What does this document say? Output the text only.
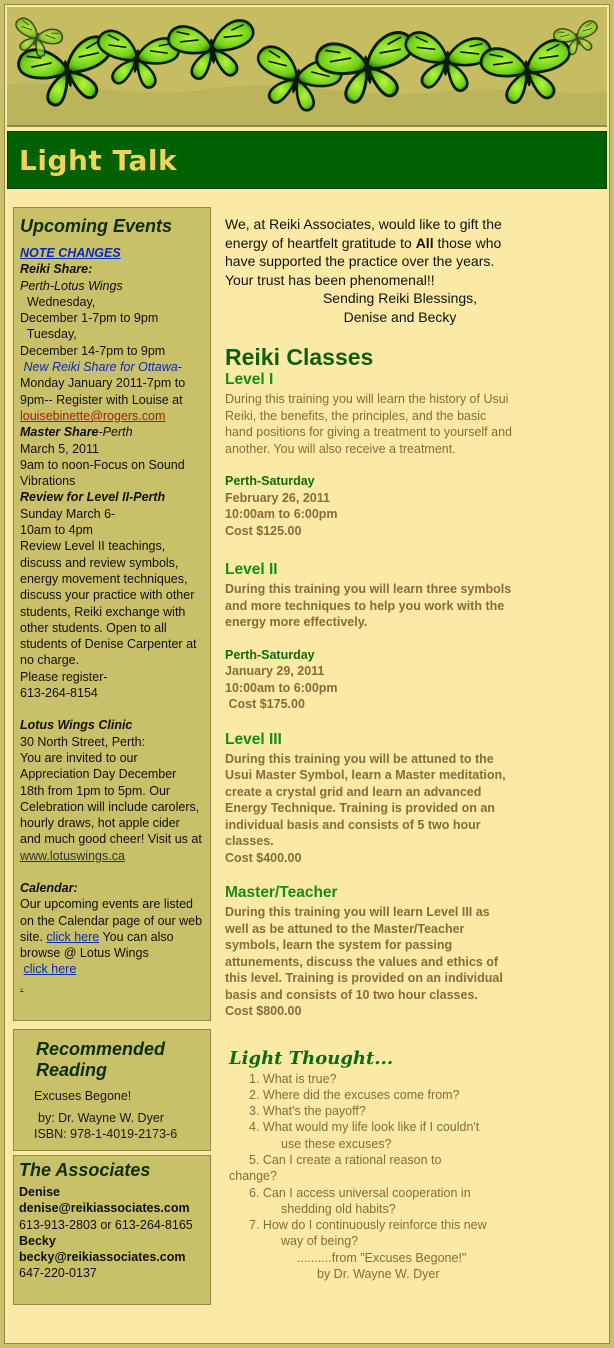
Light Talk
Upcoming Events
NOTE CHANGES
Reiki Share:
Perth-Lotus Wings
Wednesday,
December 1-7pm to 9pm
Tuesday,
December 14-7pm to 9pm
New Reiki Share for Ottawa-
Monday January 2011-7pm to 9pm-- Register with Louise at
louisebinette@rogers.com
Master Share-Perth
March 5, 2011
9am to noon-Focus on Sound Vibrations
Review for Level II-Perth
Sunday March 6-
10am to 4pm
Review Level II teachings, discuss and review symbols, energy movement techniques, discuss your practice with other students, Reiki exchange with other students. Open to all students of Denise Carpenter at no charge.
Please register-
613-264-8154
Lotus Wings Clinic
30 North Street, Perth:
You are invited to our Appreciation Day December 18th from 1pm to 5pm. Our Celebration will include carolers, hourly draws, hot apple cider and much good cheer! Visit us at
www.lotuswings.ca
Calendar:
Our upcoming events are listed on the Calendar page of our web site. click here You can also browse @ Lotus Wings
click here
.
Recommended Reading
Excuses Begone!
by: Dr. Wayne W. Dyer
ISBN: 978-1-4019-2173-6
The Associates
Denise
denise@reikiassociates.com
613-913-2803 or 613-264-8165
Becky
becky@reikiassociates.com
647-220-0137
We, at Reiki Associates, would like to gift the energy of heartfelt gratitude to All those who have supported the practice over the years. Your trust has been phenomenal!!
Sending Reiki Blessings,
Denise and Becky
Reiki Classes
Level I
During this training you will learn the history of Usui Reiki, the benefits, the principles, and the basic hand positions for giving a treatment to yourself and another. You will also receive a treatment.
Perth-Saturday
February 26, 2011
10:00am to 6:00pm
Cost $125.00
Level II
During this training you will learn three symbols and more techniques to help you work with the energy more effectively.
Perth-Saturday
January 29, 2011
10:00am to 6:00pm
Cost $175.00
Level III
During this training you will be attuned to the Usui Master Symbol, learn a Master meditation, create a crystal grid and learn an advanced Energy Technique. Training is provided on an individual basis and consists of 5 two hour classes.
Cost $400.00
Master/Teacher
During this training you will learn Level III as well as be attuned to the Master/Teacher symbols, learn the system for passing attunements, discuss the values and ethics of this level. Training is provided on an individual basis and consists of 10 two hour classes.
Cost $800.00
Light Thought...
1. What is true?
2. Where did the excuses come from?
3. What's the payoff?
4. What would my life look like if I couldn't
use these excuses?
5. Can I create a rational reason to
change?
6. Can I access universal cooperation in
shedding old habits?
7. How do I continuously reinforce this new
way of being?
..........from "Excuses Begone!"
by Dr. Wayne W. Dyer
